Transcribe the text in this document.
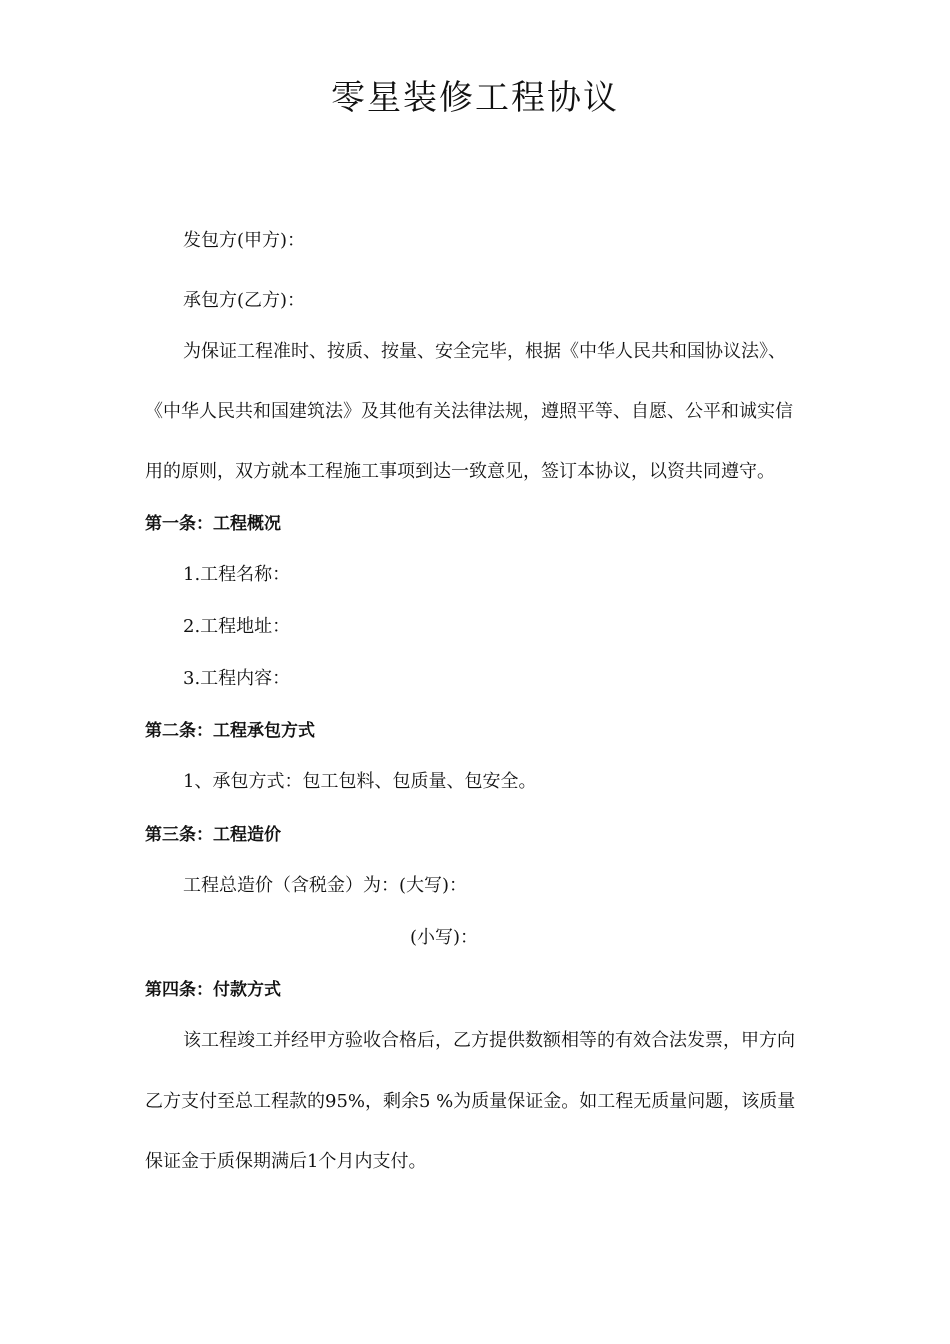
零星装修工程协议
发包方(甲方)：
承包方(乙方)：
为保证工程准时、按质、按量、安全完毕，根据《中华人民共和国协议法》、
《中华人民共和国建筑法》及其他有关法律法规，遵照平等、自愿、公平和诚实信
用的原则，双方就本工程施工事项到达一致意见，签订本协议，以资共同遵守。
第一条：工程概况
1.工程名称：
2.工程地址：
3.工程内容：
第二条：工程承包方式
1、承包方式：包工包料、包质量、包安全。
第三条：工程造价
工程总造价（含税金）为：(大写)：
(小写)：
第四条：付款方式
该工程竣工并经甲方验收合格后，乙方提供数额相等的有效合法发票，甲方向
乙方支付至总工程款的95%，剩余5 %为质量保证金。如工程无质量问题，该质量
保证金于质保期满后1个月内支付。
